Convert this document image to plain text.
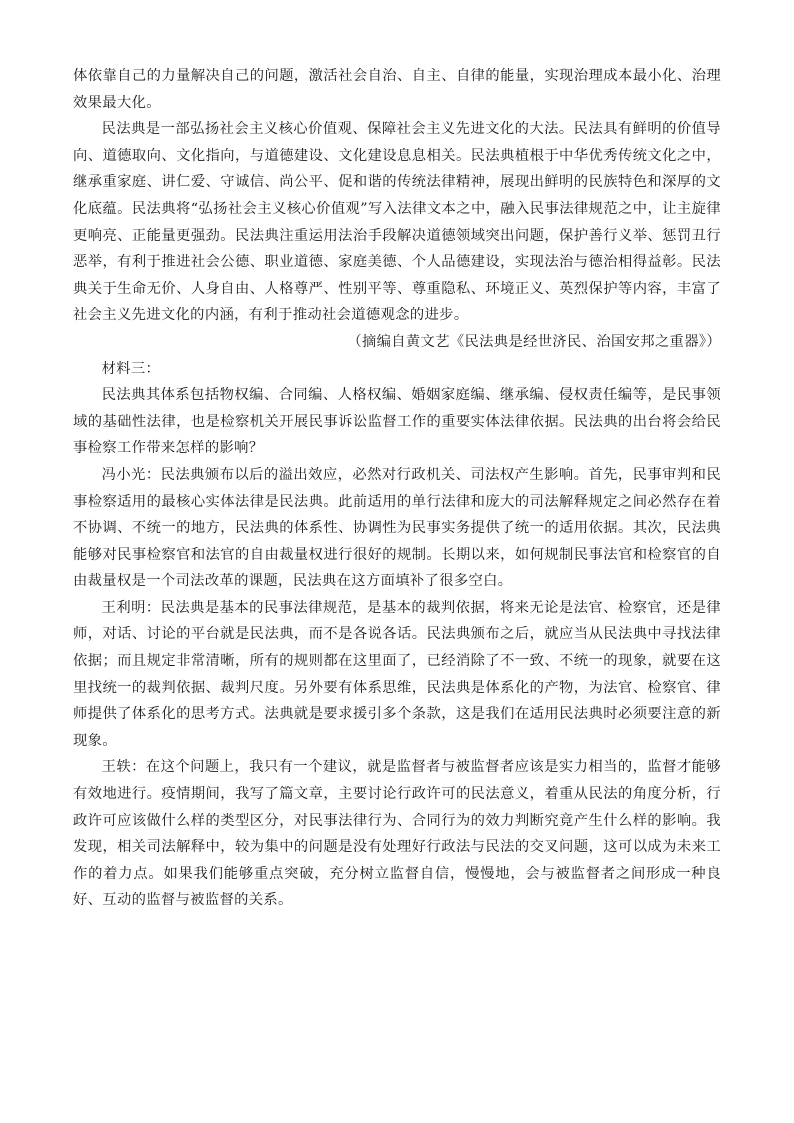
体依靠自己的力量解决自己的问题，激活社会自治、自主、自律的能量，实现治理成本最小化、治理效果最大化。

民法典是一部弘扬社会主义核心价值观、保障社会主义先进文化的大法。民法具有鲜明的价值导向、道德取向、文化指向，与道德建设、文化建设息息相关。民法典植根于中华优秀传统文化之中，继承重家庭、讲仁爱、守诚信、尚公平、促和谐的传统法律精神，展现出鲜明的民族特色和深厚的文化底蕴。民法典将“弘扬社会主义核心价值观”写入法律文本之中，融入民事法律规范之中，让主旋律更响亮、正能量更强劲。民法典注重运用法治手段解决道德领域突出问题，保护善行义举、惩罚丑行恶举，有利于推进社会公德、职业道德、家庭美德、个人品德建设，实现法治与德治相得益彰。民法典关于生命无价、人身自由、人格尊严、性别平等、尊重隐私、环境正义、英烈保护等内容，丰富了社会主义先进文化的内涵，有利于推动社会道德观念的进步。

（摘编自黄文艺《民法典是经世济民、治国安邦之重器》）

材料三：

民法典其体系包括物权编、合同编、人格权编、婚姻家庭编、继承编、侵权责任编等，是民事领域的基础性法律，也是检察机关开展民事诉讼监督工作的重要实体法律依据。民法典的出台将会给民事检察工作带来怎样的影响？

冯小光：民法典颁布以后的溢出效应，必然对行政机关、司法权产生影响。首先，民事审判和民事检察适用的最核心实体法律是民法典。此前适用的单行法律和庞大的司法解释规定之间必然存在着不协调、不统一的地方，民法典的体系性、协调性为民事实务提供了统一的适用依据。其次，民法典能够对民事检察官和法官的自由裁量权进行很好的规制。长期以来，如何规制民事法官和检察官的自由裁量权是一个司法改革的课题，民法典在这方面填补了很多空白。

王利明：民法典是基本的民事法律规范，是基本的裁判依据，将来无论是法官、检察官，还是律师，对话、讨论的平台就是民法典，而不是各说各话。民法典颁布之后，就应当从民法典中寻找法律依据；而且规定非常清晰，所有的规则都在这里面了，已经消除了不一致、不统一的现象，就要在这里找统一的裁判依据、裁判尺度。另外要有体系思维，民法典是体系化的产物，为法官、检察官、律师提供了体系化的思考方式。法典就是要求援引多个条款，这是我们在适用民法典时必须要注意的新现象。

王轶：在这个问题上，我只有一个建议，就是监督者与被监督者应该是实力相当的，监督才能够有效地进行。疫情期间，我写了篇文章，主要讨论行政许可的民法意义，着重从民法的角度分析，行政许可应该做什么样的类型区分，对民事法律行为、合同行为的效力判断究竟产生什么样的影响。我发现，相关司法解释中，较为集中的问题是没有处理好行政法与民法的交叉问题，这可以成为未来工作的着力点。如果我们能够重点突破，充分树立监督自信，慢慢地，会与被监督者之间形成一种良好、互动的监督与被监督的关系。
